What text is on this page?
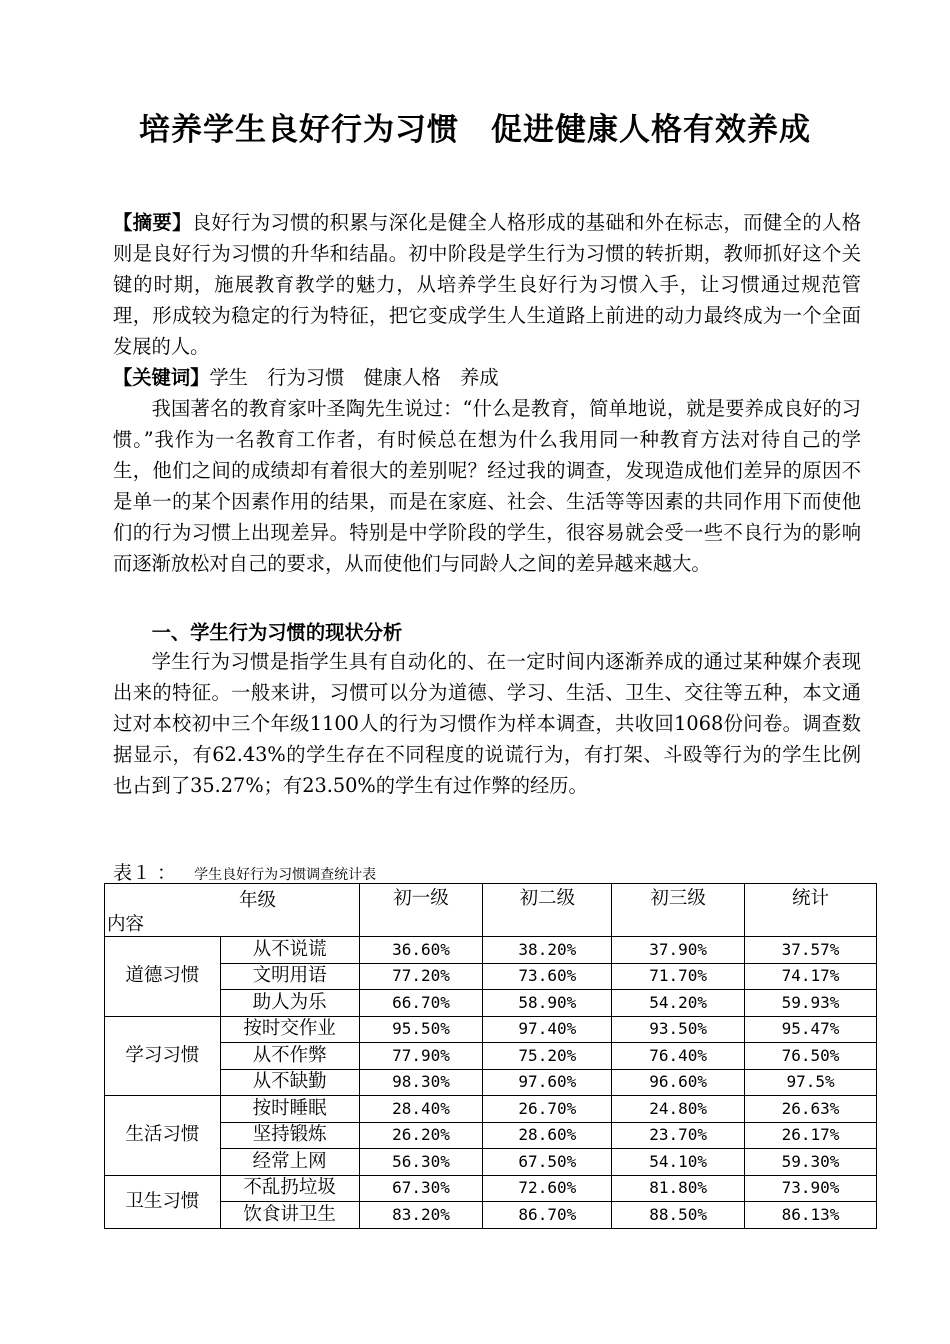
培养学生良好行为习惯　促进健康人格有效养成
【摘要】良好行为习惯的积累与深化是健全人格形成的基础和外在标志，而健全的人格则是良好行为习惯的升华和结晶。初中阶段是学生行为习惯的转折期，教师抓好这个关键的时期，施展教育教学的魅力，从培养学生良好行为习惯入手，让习惯通过规范管理，形成较为稳定的行为特征，把它变成学生人生道路上前进的动力最终成为一个全面发展的人。
【关键词】学生　行为习惯　健康人格　养成
我国著名的教育家叶圣陶先生说过：“什么是教育，简单地说，就是要养成良好的习惯。”我作为一名教育工作者，有时候总在想为什么我用同一种教育方法对待自己的学生，他们之间的成绩却有着很大的差别呢？经过我的调查，发现造成他们差异的原因不是单一的某个因素作用的结果，而是在家庭、社会、生活等等因素的共同作用下而使他们的行为习惯上出现差异。特别是中学阶段的学生，很容易就会受一些不良行为的影响而逐渐放松对自己的要求，从而使他们与同龄人之间的差异越来越大。
一、学生行为习惯的现状分析
学生行为习惯是指学生具有自动化的、在一定时间内逐渐养成的通过某种媒介表现出来的特征。一般来讲，习惯可以分为道德、学习、生活、卫生、交往等五种，本文通过对本校初中三个年级1100人的行为习惯作为样本调查，共收回1068份问卷。调查数据显示，有62.43%的学生存在不同程度的说谎行为，有打架、斗殴等行为的学生比例也占到了35.27%；有23.50%的学生有过作弊的经历。
表１ ： 学生良好行为习惯调查统计表
年级
内容		初一级	初二级	初三级	统计
道德习惯	从不说谎	36.60%	38.20%	37.90%	37.57%
	文明用语	77.20%	73.60%	71.70%	74.17%
	助人为乐	66.70%	58.90%	54.20%	59.93%
学习习惯	按时交作业	95.50%	97.40%	93.50%	95.47%
	从不作弊	77.90%	75.20%	76.40%	76.50%
	从不缺勤	98.30%	97.60%	96.60%	97.5%
生活习惯	按时睡眠	28.40%	26.70%	24.80%	26.63%
	坚持锻炼	26.20%	28.60%	23.70%	26.17%
	经常上网	56.30%	67.50%	54.10%	59.30%
卫生习惯	不乱扔垃圾	67.30%	72.60%	81.80%	73.90%
	饮食讲卫生	83.20%	86.70%	88.50%	86.13%
